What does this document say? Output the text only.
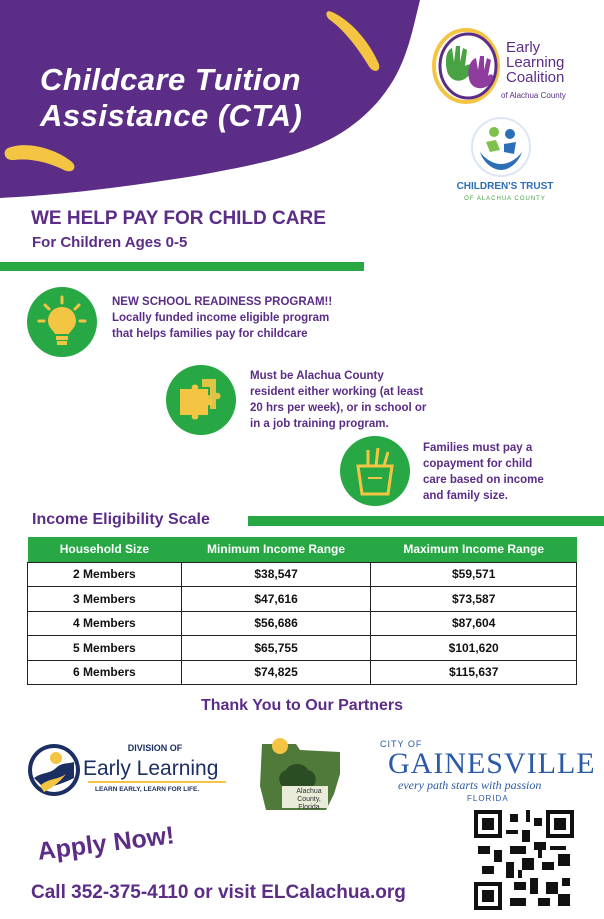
Childcare Tuition
Assistance (CTA)
Early
Learning
Coalition
of Alachua County
CHILDREN'S TRUST
OF ALACHUA COUNTY
WE HELP PAY FOR CHILD CARE
For Children Ages 0-5
NEW SCHOOL READINESS PROGRAM!!
Locally funded income eligible program
that helps families pay for childcare
Must be Alachua County
resident either working (at least
20 hrs per week), or in school or
in a job training program.
Families must pay a
copayment for child
care based on income
and family size.
Income Eligibility Scale
Household Size	Minimum Income Range	Maximum Income Range
2 Members	$38,547	$59,571
3 Members	$47,616	$73,587
4 Members	$56,686	$87,604
5 Members	$65,755	$101,620
6 Members	$74,825	$115,637
Thank You to Our Partners
DIVISION OF
Early Learning
LEARN EARLY, LEARN FOR LIFE.	Alachua County,
Florida
CITY OF
GAINESVILLE
every path starts with passion
FLORIDA
Apply Now!
Call 352-375-4110 or visit ELCalachua.org
